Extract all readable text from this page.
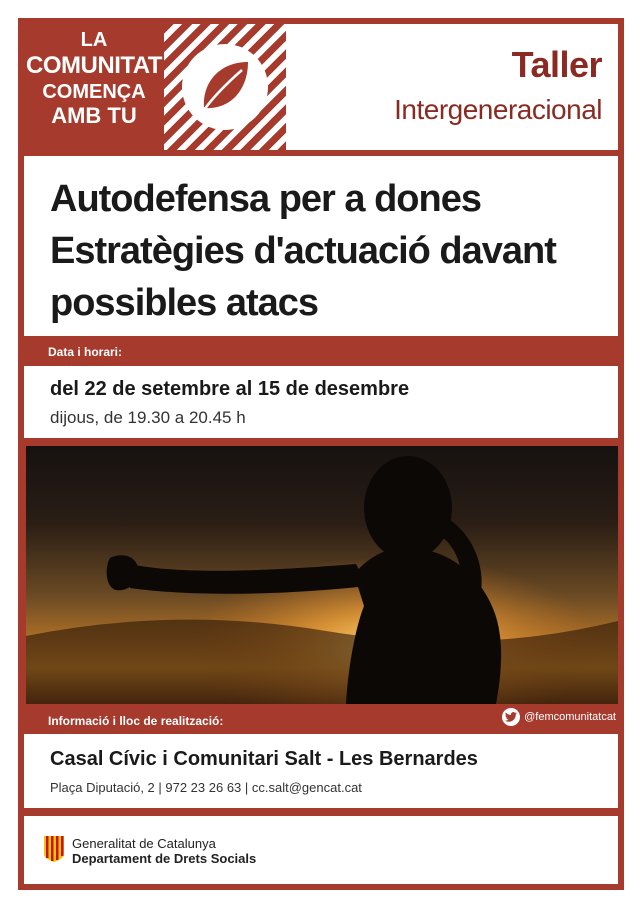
LA
COMUNITAT
COMENÇA
AMB TU
Taller
Intergeneracional
Autodefensa per a dones
Estratègies d'actuació davant
possibles atacs
Data i horari:
del 22 de setembre al 15 de desembre
dijous, de 19.30 a 20.45 h
Informació i lloc de realització:	@femcomunitatcat
Casal Cívic i Comunitari Salt - Les Bernardes
Plaça Diputació, 2 | 972 23 26 63 | cc.salt@gencat.cat
Generalitat de Catalunya
Departament de Drets Socials
